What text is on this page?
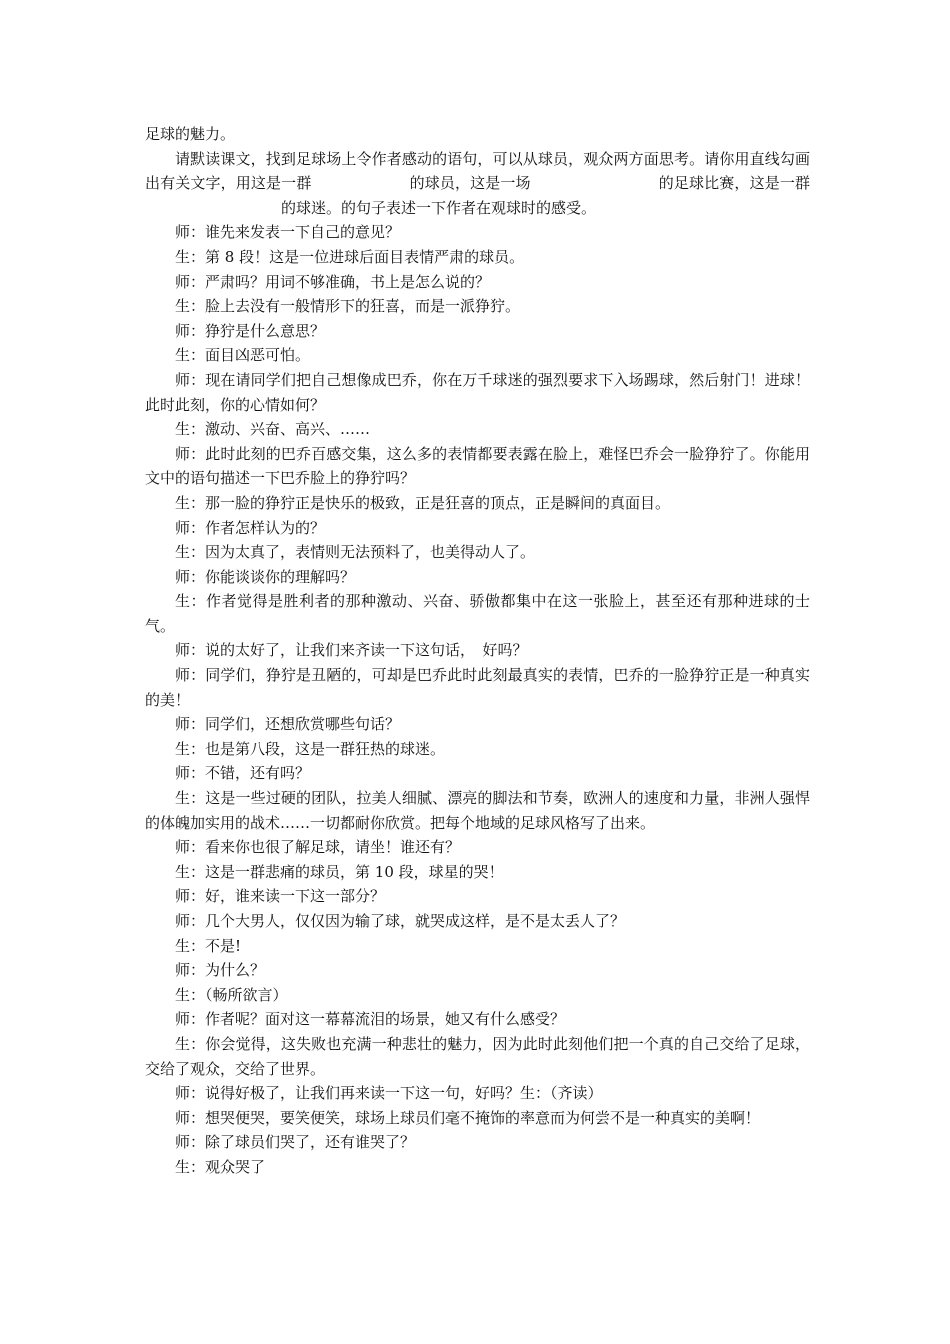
足球的魅力。

请默读课文，找到足球场上令作者感动的语句，可以从球员，观众两方面思考。请你用直线勾画出有关文字，用这是一群	的球员，这是一场	的足球比赛，这是一群的球迷。的句子表述一下作者在观球时的感受。

师：谁先来发表一下自己的意见？

生：第 8 段！这是一位进球后面目表情严肃的球员。

师：严肃吗？用词不够准确，书上是怎么说的？

生：脸上去没有一般情形下的狂喜，而是一派狰狞。

师：狰狞是什么意思？

生：面目凶恶可怕。

师：现在请同学们把自己想像成巴乔，你在万千球迷的强烈要求下入场踢球，然后射门！进球！此时此刻，你的心情如何？

生：激动、兴奋、高兴、……

师：此时此刻的巴乔百感交集，这么多的表情都要表露在脸上，难怪巴乔会一脸狰狞了。你能用文中的语句描述一下巴乔脸上的狰狞吗？

生：那一脸的狰狞正是快乐的极致，正是狂喜的顶点，正是瞬间的真面目。

师：作者怎样认为的？

生：因为太真了，表情则无法预料了，也美得动人了。

师：你能谈谈你的理解吗？

生：作者觉得是胜利者的那种激动、兴奋、骄傲都集中在这一张脸上，甚至还有那种进球的士气。

师：说的太好了，让我们来齐读一下这句话，　好吗？

师：同学们，狰狞是丑陋的，可却是巴乔此时此刻最真实的表情，巴乔的一脸狰狞正是一种真实的美！

师：同学们，还想欣赏哪些句话？

生：也是第八段，这是一群狂热的球迷。

师：不错，还有吗？

生：这是一些过硬的团队，拉美人细腻、漂亮的脚法和节奏，欧洲人的速度和力量，非洲人强悍的体魄加实用的战术……一切都耐你欣赏。把每个地域的足球风格写了出来。

师：看来你也很了解足球，请坐！谁还有？

生：这是一群悲痛的球员，第 10 段，球星的哭！

师：好，谁来读一下这一部分？

师：几个大男人，仅仅因为输了球，就哭成这样，是不是太丢人了？

生：不是!

师：为什么？

生：（畅所欲言）

师：作者呢？面对这一幕幕流泪的场景，她又有什么感受？

生：你会觉得，这失败也充满一种悲壮的魅力，因为此时此刻他们把一个真的自己交给了足球，交给了观众，交给了世界。

师：说得好极了，让我们再来读一下这一句，好吗？生：（齐读）

师：想哭便哭，要笑便笑，球场上球员们毫不掩饰的率意而为何尝不是一种真实的美啊！

师：除了球员们哭了，还有谁哭了？

生：观众哭了
